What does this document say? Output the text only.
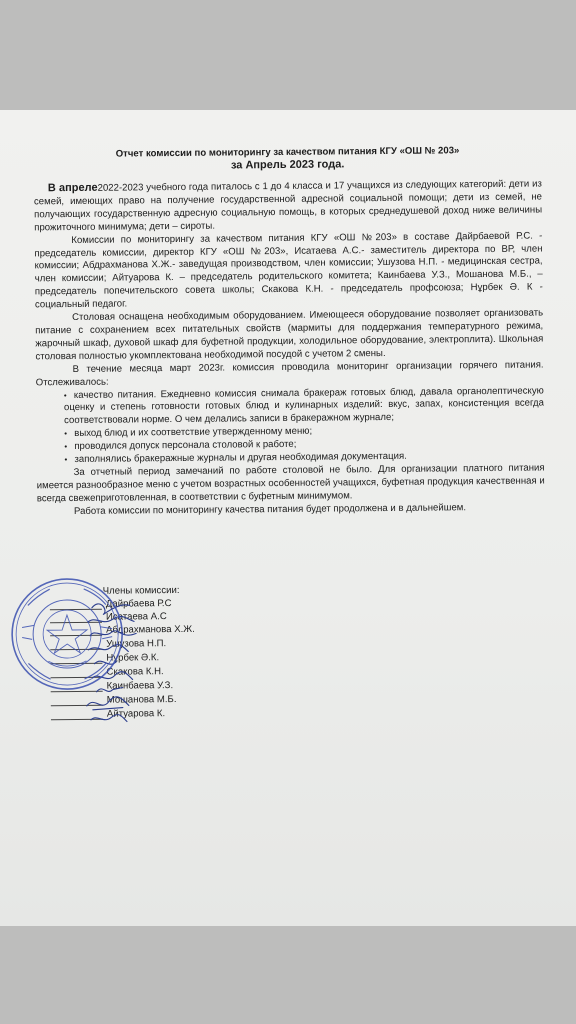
Отчет комиссии по мониторингу за качеством питания КГУ «ОШ № 203»
за Апрель 2023 года.

В апреле2022-2023 учебного года питалось с 1 до 4 класса и 17 учащихся из следующих категорий: дети из семей, имеющих право на получение государственной адресной социальной помощи; дети из семей, не получающих государственную адресную социальную помощь, в которых среднедушевой доход ниже величины прожиточного минимума; дети – сироты.

Комиссии по мониторингу за качеством питания КГУ «ОШ №203» в составе Дайрбаевой Р.С. - председатель комиссии, директор КГУ «ОШ №203», Исатаева А.С.- заместитель директора по ВР, член комиссии; Абдрахманова Х.Ж.- заведущая производством, член комиссии; Ушузова Н.П. - медицинская сестра, член комиссии; Айтуарова К. – председатель родительского комитета; Каинбаева У.З., Мошанова М.Б., – председатель попечительского совета школы; Скакова К.Н. - председатель профсоюза; Нұрбек Ә. К - социальный педагог.

Столовая оснащена необходимым оборудованием. Имеющееся оборудование позволяет организовать питание с сохранением всех питательных свойств (мармиты для поддержания температурного режима, жарочный шкаф, духовой шкаф для буфетной продукции, холодильное оборудование, электроплита). Школьная столовая полностью укомплектована необходимой посудой с учетом 2 смены.

В течение месяца март 2023г. комиссия проводила мониторинг организации горячего питания. Отслеживалось:

• качество питания. Ежедневно комиссия снимала бракераж готовых блюд, давала органолептическую оценку и степень готовности готовых блюд и кулинарных изделий: вкус, запах, консистенция всегда соответствовали норме. О чем делались записи в бракеражном журнале;

• выход блюд и их соответствие утвержденному меню;

• проводился допуск персонала столовой к работе;

• заполнялись бракеражные журналы и другая необходимая документация.

За отчетный период замечаний по работе столовой не было. Для организации платного питания имеется разнообразное меню с учетом возрастных особенностей учащихся, буфетная продукция качественная и всегда свежеприготовленная, в соответствии с буфетным минимумом.

Работа комиссии по мониторингу качества питания будет продолжена и в дальнейшем.

Члены комиссии:
Дайрбаева Р.С
Исатаева А.С
Абдрахманова Х.Ж.
Ушузова Н.П.
Нұрбек Ә.К.
Скакова К.Н.
Каинбаева У.З.
Мошанова М.Б.
Айтуарова К.
